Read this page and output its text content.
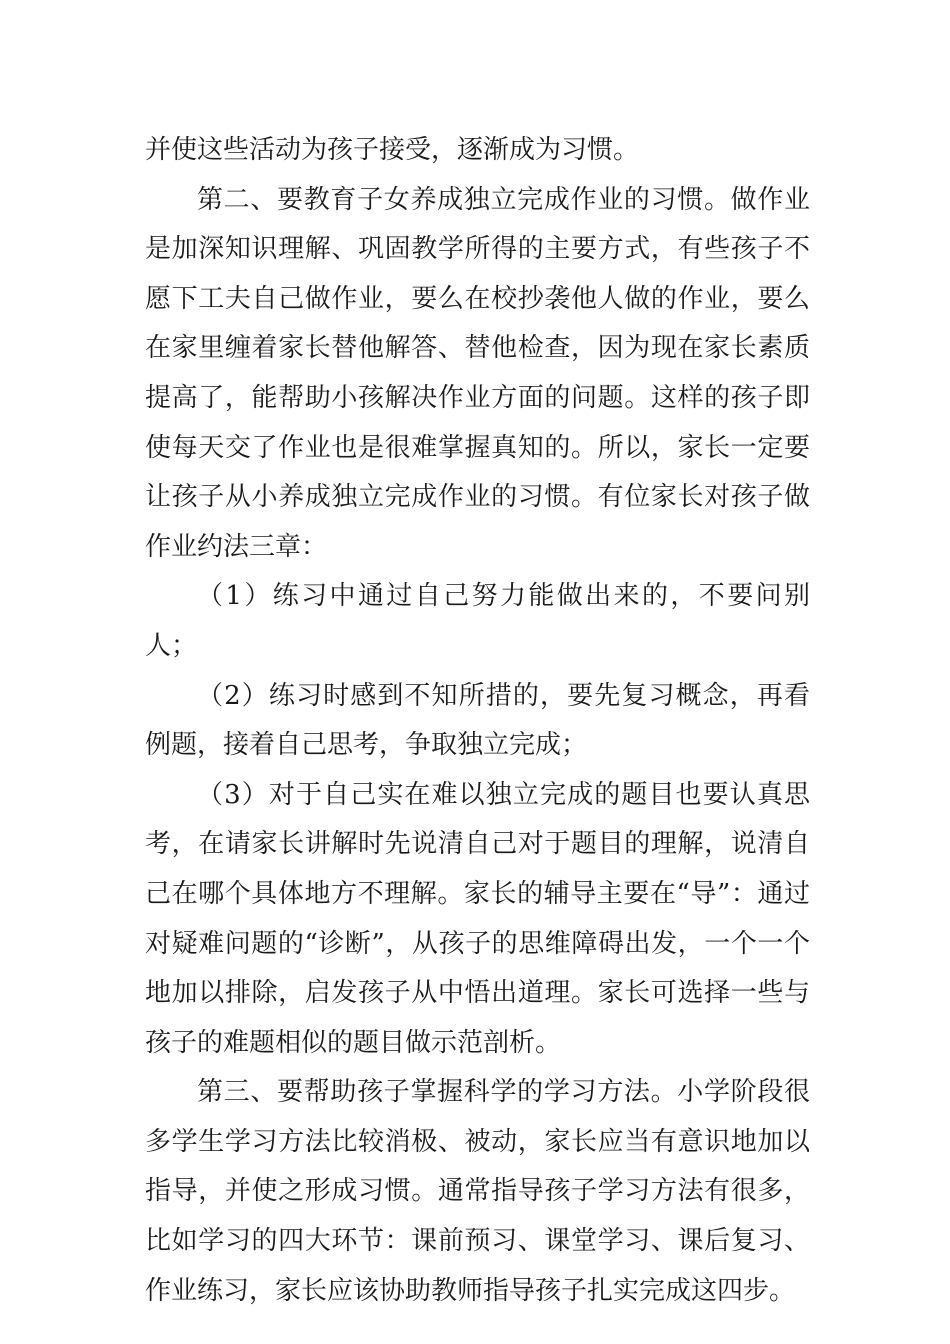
并使这些活动为孩子接受，逐渐成为习惯。

第二、要教育子女养成独立完成作业的习惯。做作业是加深知识理解、巩固教学所得的主要方式，有些孩子不愿下工夫自己做作业，要么在校抄袭他人做的作业，要么在家里缠着家长替他解答、替他检查，因为现在家长素质提高了，能帮助小孩解决作业方面的问题。这样的孩子即使每天交了作业也是很难掌握真知的。所以，家长一定要让孩子从小养成独立完成作业的习惯。有位家长对孩子做作业约法三章：

（1）练习中通过自己努力能做出来的，不要问别人；

（2）练习时感到不知所措的，要先复习概念，再看例题，接着自己思考，争取独立完成；

（3）对于自己实在难以独立完成的题目也要认真思考，在请家长讲解时先说清自己对于题目的理解，说清自己在哪个具体地方不理解。家长的辅导主要在“导”：通过对疑难问题的“诊断”，从孩子的思维障碍出发，一个一个地加以排除，启发孩子从中悟出道理。家长可选择一些与孩子的难题相似的题目做示范剖析。

第三、要帮助孩子掌握科学的学习方法。小学阶段很多学生学习方法比较消极、被动，家长应当有意识地加以指导，并使之形成习惯。通常指导孩子学习方法有很多，比如学习的四大环节：课前预习、课堂学习、课后复习、作业练习，家长应该协助教师指导孩子扎实完成这四步。
